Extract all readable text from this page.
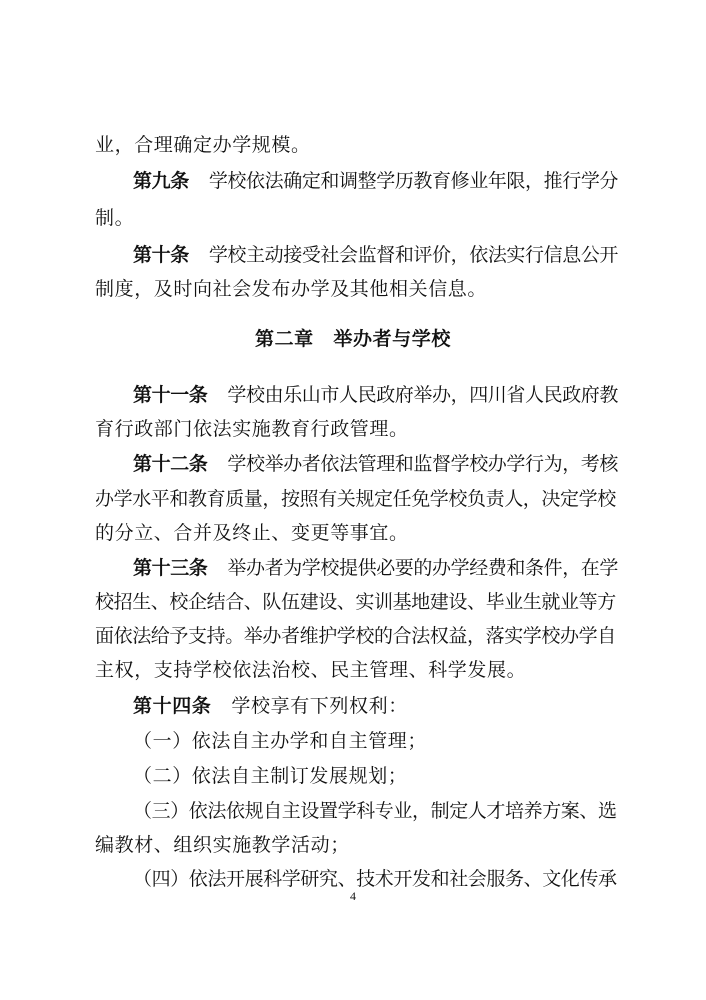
业，合理确定办学规模。
第九条 学校依法确定和调整学历教育修业年限，推行学分
制。
第十条 学校主动接受社会监督和评价，依法实行信息公开
制度，及时向社会发布办学及其他相关信息。
第二章　举办者与学校
第十一条 学校由乐山市人民政府举办，四川省人民政府教
育行政部门依法实施教育行政管理。
第十二条 学校举办者依法管理和监督学校办学行为，考核
办学水平和教育质量，按照有关规定任免学校负责人，决定学校
的分立、合并及终止、变更等事宜。
第十三条 举办者为学校提供必要的办学经费和条件，在学
校招生、校企结合、队伍建设、实训基地建设、毕业生就业等方
面依法给予支持。举办者维护学校的合法权益，落实学校办学自
主权，支持学校依法治校、民主管理、科学发展。
第十四条 学校享有下列权利：
（一）依法自主办学和自主管理；
（二）依法自主制订发展规划；
（三）依法依规自主设置学科专业，制定人才培养方案、选
编教材、组织实施教学活动；
（四）依法开展科学研究、技术开发和社会服务、文化传承
4
